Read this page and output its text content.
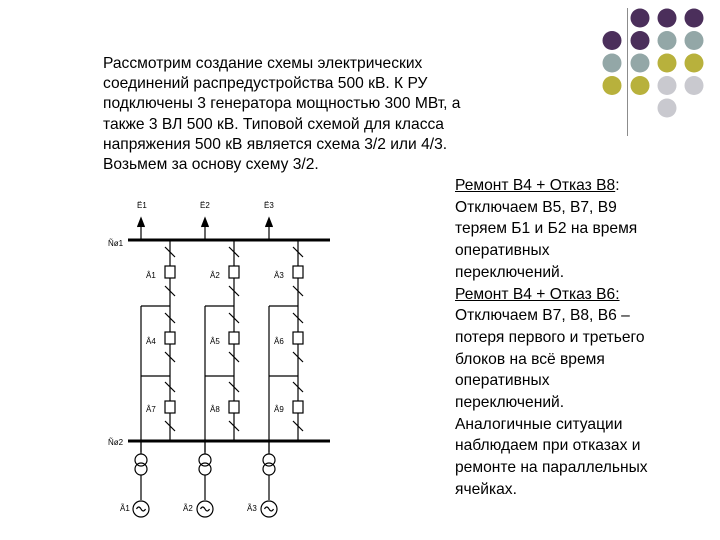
Рассмотрим создание схемы электрических
соединений распредустройства 500 кВ. К РУ
подключены 3 генератора мощностью 300 МВт, а
также 3 ВЛ 500 кВ. Типовой схемой для класса
напряжения 500 кВ является схема 3/2 или 4/3.
Возьмем за основу схему 3/2.
Ремонт В4 + Отказ В8:
Отключаем В5, В7, В9
теряем Б1 и Б2 на время
оперативных
переключений.
Ремонт В4 + Отказ В6:
Отключаем В7, В8, В6 –
потеря первого и третьего
блоков на всё время
оперативных
переключений.
Аналогичные ситуации
наблюдаем при отказах и
ремонте на параллельных
ячейках.
Ë1	Ë2	Ë3
Ñø1
Ñø2
Â1	Â2	Â3
Â4	Â5	Â6
Â7	Â8	Â9
Ã1	Ã2	Ã3
